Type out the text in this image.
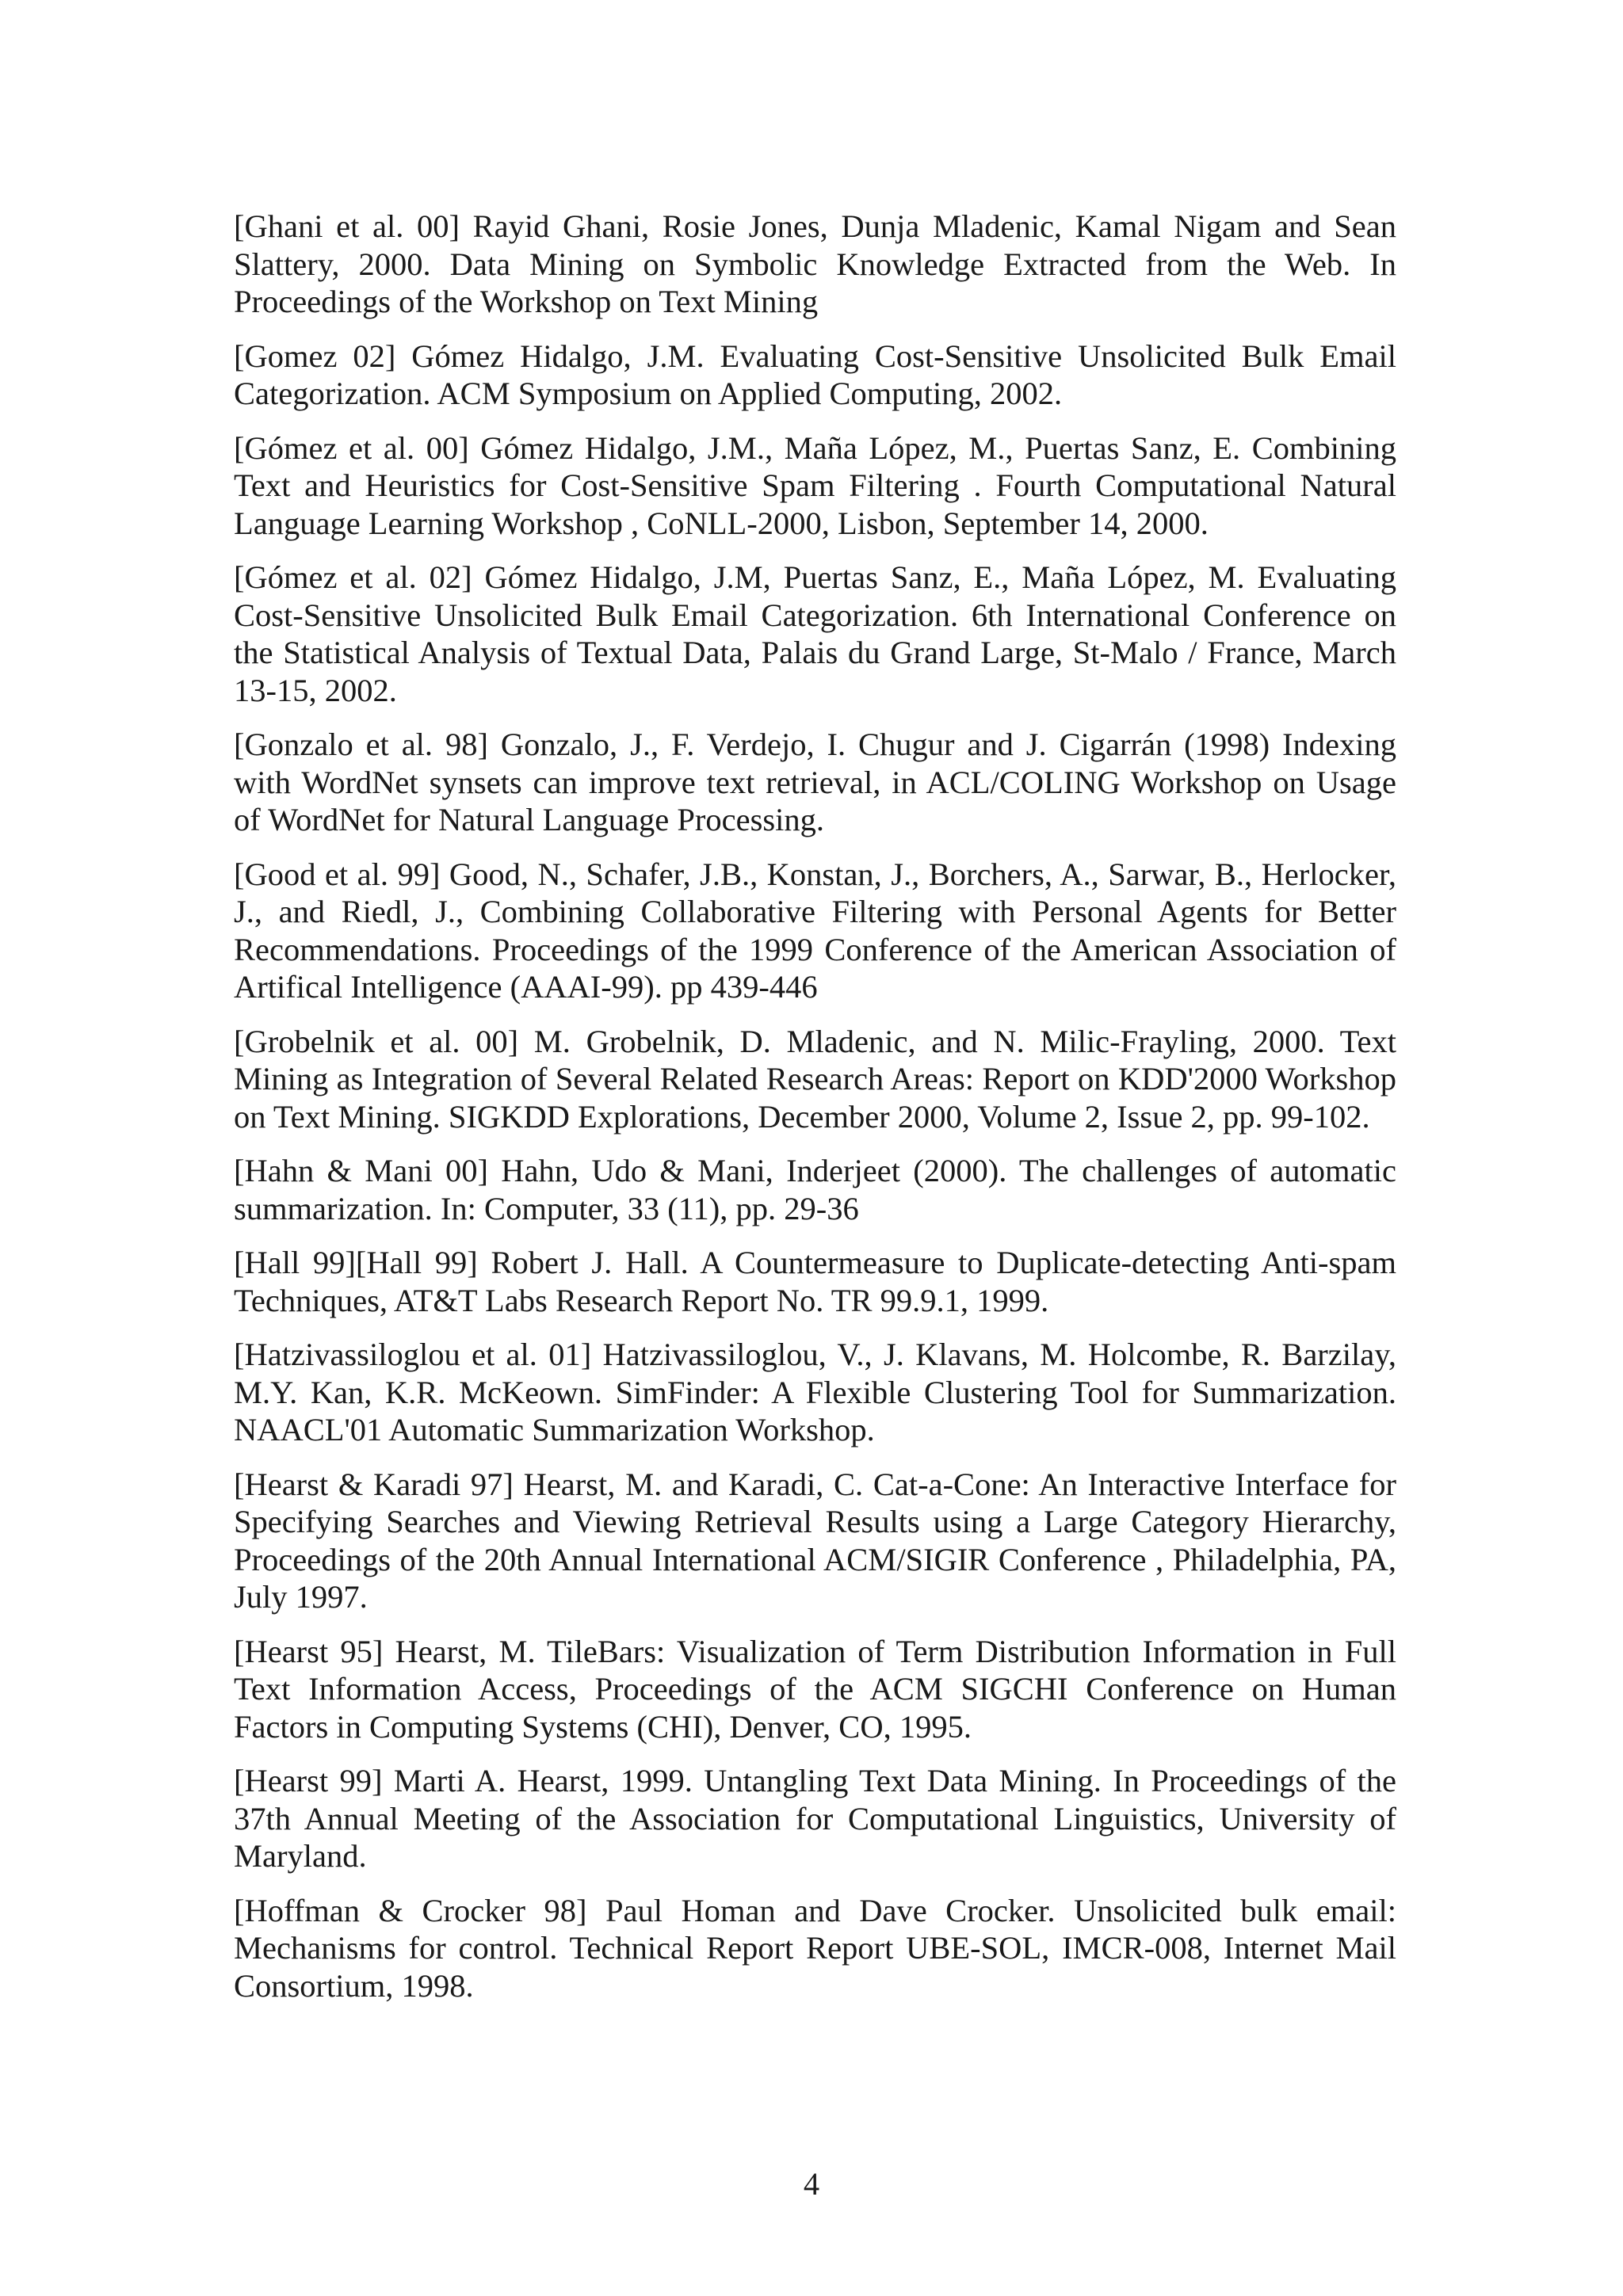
[Ghani et al. 00] Rayid Ghani, Rosie Jones, Dunja Mladenic, Kamal Nigam and Sean Slattery, 2000. Data Mining on Symbolic Knowledge Extracted from the Web. In Proceedings of the Workshop on Text Mining

[Gomez 02] Gómez Hidalgo, J.M. Evaluating Cost-Sensitive Unsolicited Bulk Email Categorization. ACM Symposium on Applied Computing, 2002.

[Gómez et al. 00] Gómez Hidalgo, J.M., Maña López, M., Puertas Sanz, E. Combining Text and Heuristics for Cost-Sensitive Spam Filtering . Fourth Computational Natural Language Learning Workshop , CoNLL-2000, Lisbon, September 14, 2000.

[Gómez et al. 02] Gómez Hidalgo, J.M, Puertas Sanz, E., Maña López, M. Evaluating Cost-Sensitive Unsolicited Bulk Email Categorization. 6th International Conference on the Statistical Analysis of Textual Data, Palais du Grand Large, St-Malo / France, March 13-15, 2002.

[Gonzalo et al. 98] Gonzalo, J., F. Verdejo, I. Chugur and J. Cigarrán (1998) Indexing with WordNet synsets can improve text retrieval, in ACL/COLING Workshop on Usage of WordNet for Natural Language Processing.

[Good et al. 99] Good, N., Schafer, J.B., Konstan, J., Borchers, A., Sarwar, B., Herlocker, J., and Riedl, J., Combining Collaborative Filtering with Personal Agents for Better Recommendations. Proceedings of the 1999 Conference of the American Association of Artifical Intelligence (AAAI-99). pp 439-446

[Grobelnik et al. 00] M. Grobelnik, D. Mladenic, and N. Milic-Frayling, 2000. Text Mining as Integration of Several Related Research Areas: Report on KDD'2000 Workshop on Text Mining. SIGKDD Explorations, December 2000, Volume 2, Issue 2, pp. 99-102.

[Hahn & Mani 00] Hahn, Udo & Mani, Inderjeet (2000). The challenges of automatic summarization. In: Computer, 33 (11), pp. 29-36

[Hall 99][Hall 99] Robert J. Hall. A Countermeasure to Duplicate-detecting Anti-spam Techniques, AT&T Labs Research Report No. TR 99.9.1, 1999.

[Hatzivassiloglou et al. 01] Hatzivassiloglou, V., J. Klavans, M. Holcombe, R. Barzilay, M.Y. Kan, K.R. McKeown. SimFinder: A Flexible Clustering Tool for Summarization. NAACL'01 Automatic Summarization Workshop.

[Hearst & Karadi 97] Hearst, M. and Karadi, C. Cat-a-Cone: An Interactive Interface for Specifying Searches and Viewing Retrieval Results using a Large Category Hierarchy, Proceedings of the 20th Annual International ACM/SIGIR Conference , Philadelphia, PA, July 1997.

[Hearst 95] Hearst, M. TileBars: Visualization of Term Distribution Information in Full Text Information Access, Proceedings of the ACM SIGCHI Conference on Human Factors in Computing Systems (CHI), Denver, CO, 1995.

[Hearst 99] Marti A. Hearst, 1999. Untangling Text Data Mining. In Proceedings of the 37th Annual Meeting of the Association for Computational Linguistics, University of Maryland.

[Hoffman & Crocker 98] Paul Homan and Dave Crocker. Unsolicited bulk email: Mechanisms for control. Technical Report Report UBE-SOL, IMCR-008, Internet Mail Consortium, 1998.

4
